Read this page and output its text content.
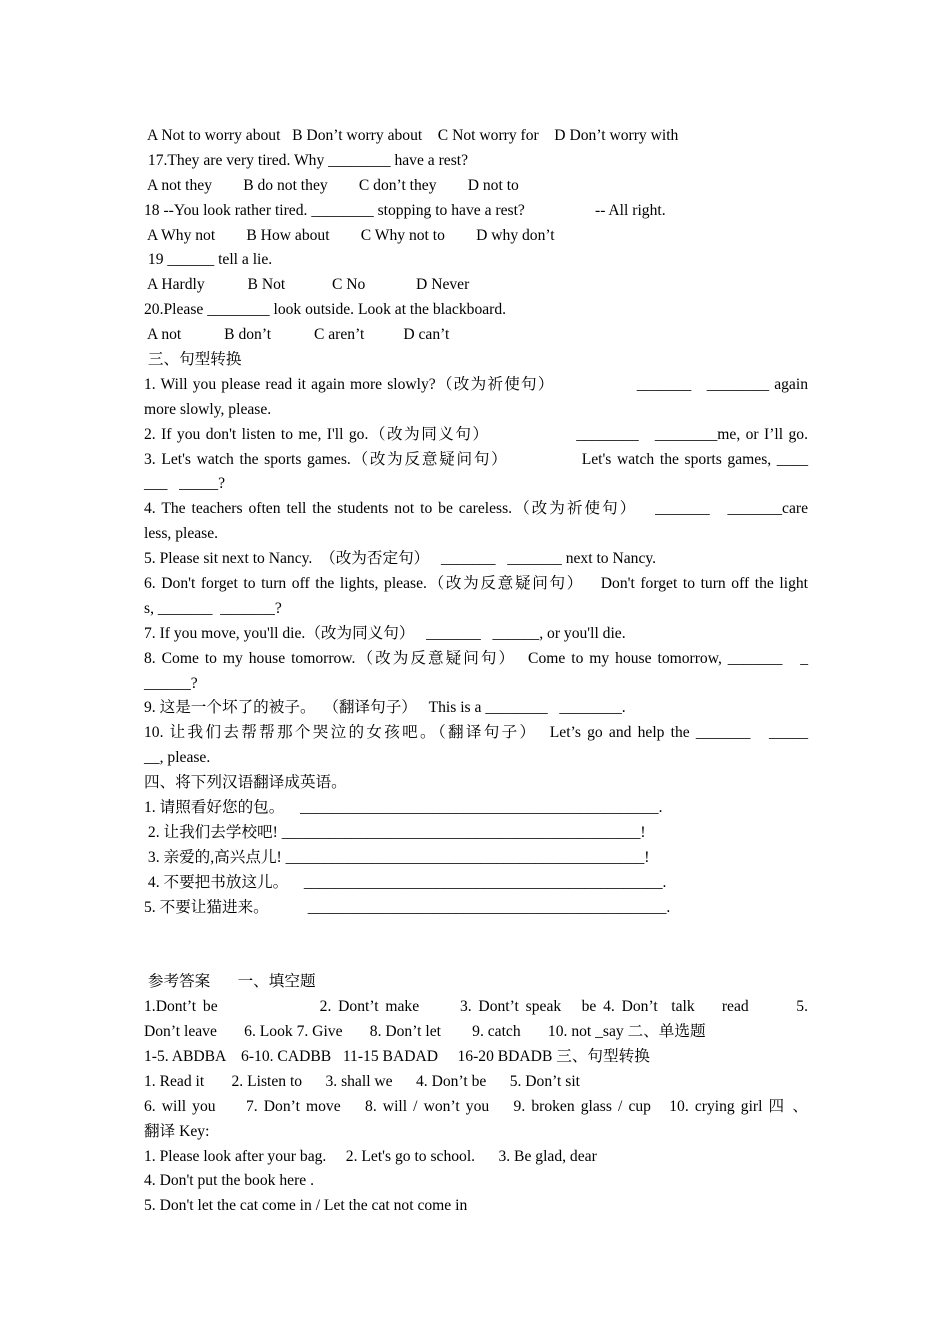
A Not to worry about   B Don’t worry about    C Not worry for    D Don’t worry with
17.They are very tired. Why ________ have a rest?
A not they        B do not they        C don’t they        D not to
18 --You look rather tired. ________ stopping to have a rest?                  -- All right.
A Why not        B How about        C Why not to        D why don’t
19 ______ tell a lie.
A Hardly           B Not            C No             D Never
20.Please ________ look outside. Look at the blackboard.
A not           B don’t           C aren’t          D can’t
三、句型转换
1. Will you please read it again more slowly?（改为祈使句）                _______   ________ again
more slowly, please.
2. If you don't listen to me, I'll go.（改为同义句）                ________   ________me, or I’ll go.
3. Let's watch the sports games.（改为反意疑问句）             Let's watch the sports games, ____
___   _____?
4. The teachers often tell the students not to be careless.（改为祈使句）   _______   _______care
less, please.
5. Please sit next to Nancy.  （改为否定句）   _______   _______ next to Nancy.
6. Don't forget to turn off the lights, please.（改为反意疑问句）   Don't forget to turn off the light
s, _______  _______?
7. If you move, you'll die.（改为同义句）   _______   ______, or you'll die.
8. Come to my house tomorrow.（改为反意疑问句）  Come to my house tomorrow, _______   _
______?
9. 这是一个坏了的被子。  （翻译句子）   This is a ________   ________.
10. 让我们去帮帮那个哭泣的女孩吧。（翻译句子）  Let’s go and help the _______   _____
__, please.
四、将下列汉语翻译成英语。
1. 请照看好您的包。    ______________________________________________.
2. 让我们去学校吧! ______________________________________________!
3. 亲爱的,高兴点儿! ______________________________________________!
4. 不要把书放这儿。    ______________________________________________.
5. 不要让猫进来。          ______________________________________________.
参考答案       一、填空题
1.Dont’t be               2. Dont’t make      3. Dont’t speak   be 4. Don’t  talk    read       5.
Don’t leave       6. Look 7. Give       8. Don’t let        9. catch       10. not _say 二、单选题
1-5. ABDBA    6-10. CADBB   11-15 BADAD     16-20 BDADB 三、句型转换
1. Read it       2. Listen to      3. shall we      4. Don’t be      5. Don’t sit
6. will you     7. Don’t move    8. will / won’t you    9. broken glass / cup   10. crying girl 四 、
翻译 Key:
1. Please look after your bag.     2. Let's go to school.      3. Be glad, dear
4. Don't put the book here .
5. Don't let the cat come in / Let the cat not come in
